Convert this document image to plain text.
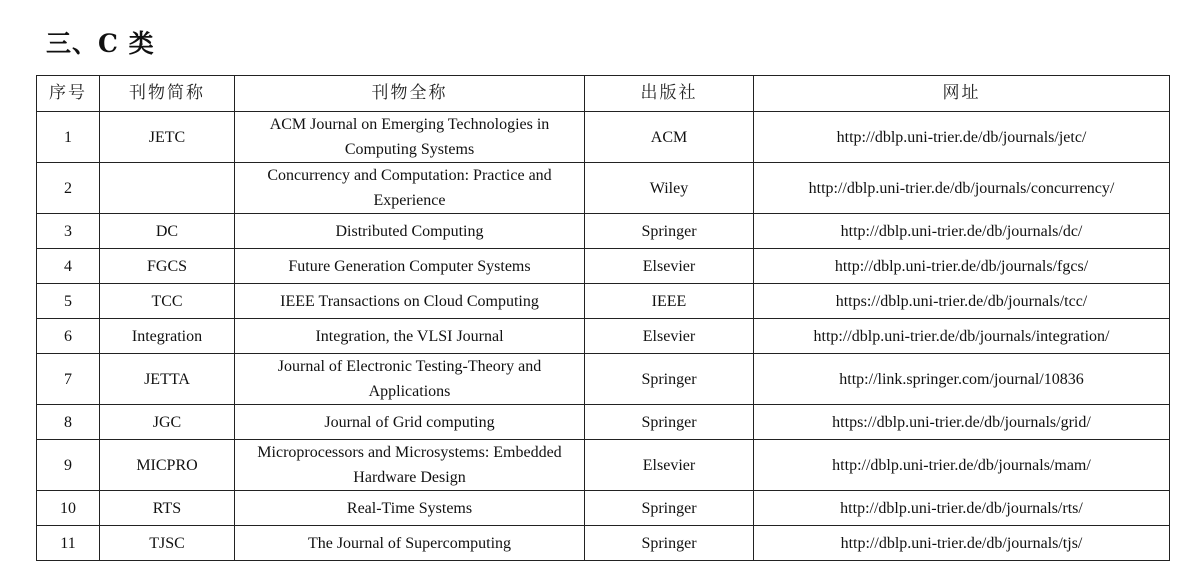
三、C 类
序号	刊物简称	刊物全称	出版社	网址
1	JETC	ACM Journal on Emerging Technologies in
Computing Systems	ACM	http://dblp.uni-trier.de/db/journals/jetc/
2		Concurrency and Computation: Practice and
Experience	Wiley	http://dblp.uni-trier.de/db/journals/concurrency/
3	DC	Distributed Computing	Springer	http://dblp.uni-trier.de/db/journals/dc/
4	FGCS	Future Generation Computer Systems	Elsevier	http://dblp.uni-trier.de/db/journals/fgcs/
5	TCC	IEEE Transactions on Cloud Computing	IEEE	https://dblp.uni-trier.de/db/journals/tcc/
6	Integration	Integration, the VLSI Journal	Elsevier	http://dblp.uni-trier.de/db/journals/integration/
7	JETTA	Journal of Electronic Testing-Theory and
Applications	Springer	http://link.springer.com/journal/10836
8	JGC	Journal of Grid computing	Springer	https://dblp.uni-trier.de/db/journals/grid/
9	MICPRO	Microprocessors and Microsystems: Embedded
Hardware Design	Elsevier	http://dblp.uni-trier.de/db/journals/mam/
10	RTS	Real-Time Systems	Springer	http://dblp.uni-trier.de/db/journals/rts/
11	TJSC	The Journal of Supercomputing	Springer	http://dblp.uni-trier.de/db/journals/tjs/
